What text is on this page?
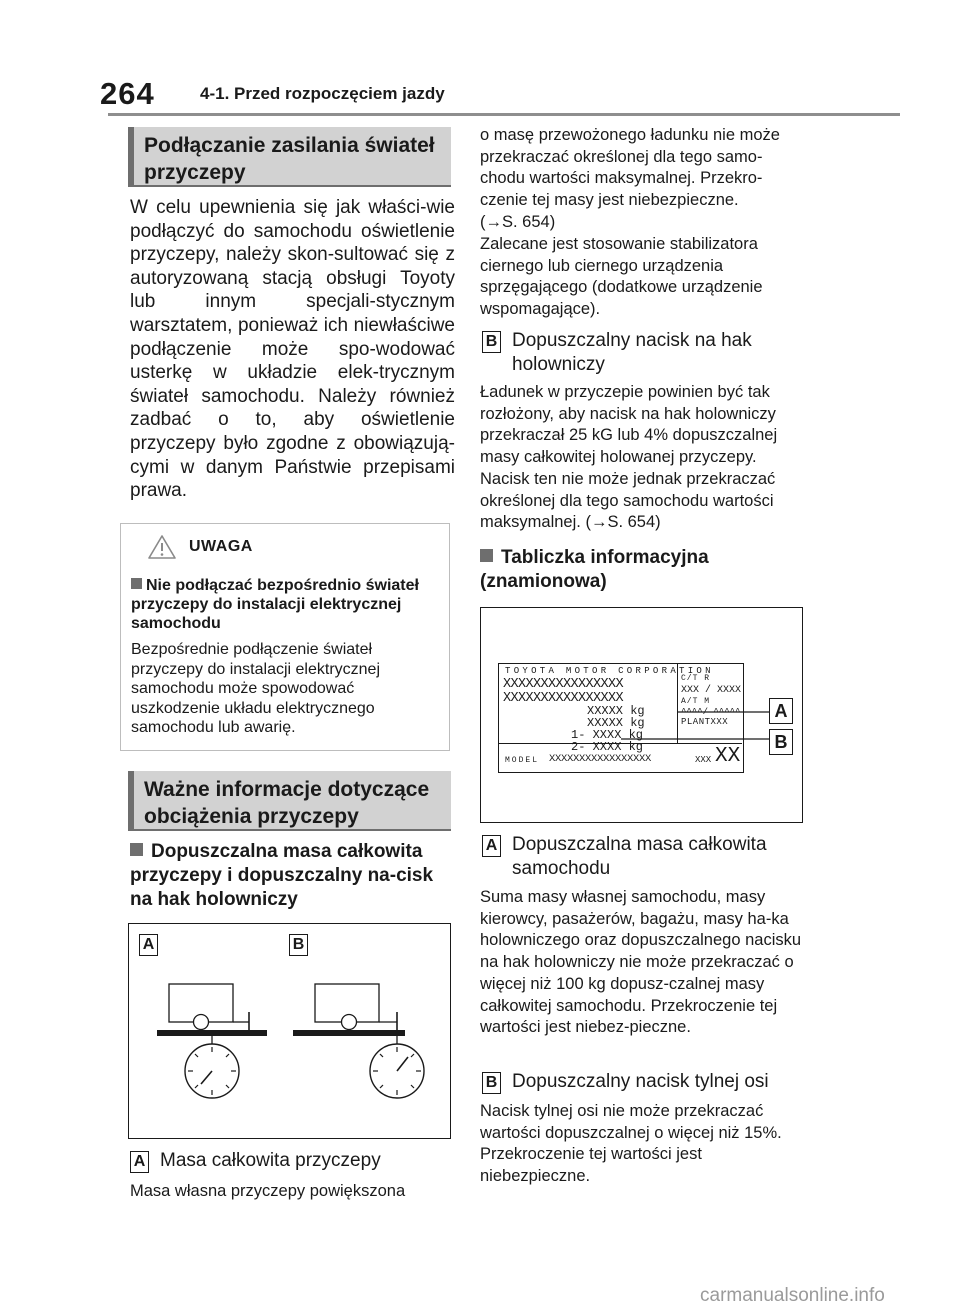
264	4-1. Przed rozpoczęciem jazdy
Podłączanie zasilania świateł przyczepy
W celu upewnienia się jak właści-wie podłączyć do samochodu oświetlenie przyczepy, należy skon-sultować się z autoryzowaną stacją obsługi Toyoty lub innym specjali-stycznym warsztatem, ponieważ ich niewłaściwe podłączenie może spo-wodować usterkę w układzie elek-trycznym świateł samochodu. Należy również zadbać o to, aby oświetlenie przyczepy było zgodne z obowiązują-cymi w danym Państwie przepisami prawa.
UWAGA
Nie podłączać bezpośrednio świateł przyczepy do instalacji elektrycznej samochodu
Bezpośrednie podłączenie świateł przyczepy do instalacji elektrycznej samochodu może spowodować uszkodzenie układu elektrycznego samochodu lub awarię.
Ważne informacje dotyczące obciążenia przyczepy
Dopuszczalna masa całkowita przyczepy i dopuszczalny na-cisk na hak holowniczy
A	B
A Masa całkowita przyczepy
Masa własna przyczepy powiększona
o masę przewożonego ładunku nie może przekraczać określonej dla tego samo-chodu wartości maksymalnej. Przekro-czenie tej masy jest niebezpieczne.
(→S. 654)
Zalecane jest stosowanie stabilizatora ciernego lub ciernego urządzenia sprzęgającego (dodatkowe urządzenie wspomagające).
B Dopuszczalny nacisk na hak holowniczy
Ładunek w przyczepie powinien być tak rozłożony, aby nacisk na hak holowniczy przekraczał 25 kG lub 4% dopuszczalnej masy całkowitej holowanej przyczepy. Nacisk ten nie może jednak przekraczać określonej dla tego samochodu wartości maksymalnej. (→S. 654)
Tabliczka informacyjna (znamionowa)
TOYOTA MOTOR CORPORATION
XXXXXXXXXXXXXXXX
XXXXXXXXXXXXXXXX
XXXXX kg
XXXXX kg
1- XXXX kg
2- XXXX kg
C/T R
XXX / XXXX
A/T M
^^^^/ ^^^^^
PLANTXXX
MODEL XXXXXXXXXXXXXXXXX	XXX XX
A
B
A Dopuszczalna masa całkowita samochodu
Suma masy własnej samochodu, masy kierowcy, pasażerów, bagażu, masy ha-ka holowniczego oraz dopuszczalnego nacisku na hak holowniczy nie może przekraczać o więcej niż 100 kg dopusz-czalnej masy całkowitej samochodu. Przekroczenie tej wartości jest niebez-pieczne.
B Dopuszczalny nacisk tylnej osi
Nacisk tylnej osi nie może przekraczać wartości dopuszczalnej o więcej niż 15%. Przekroczenie tej wartości jest niebezpieczne.
carmanualsonline.info
